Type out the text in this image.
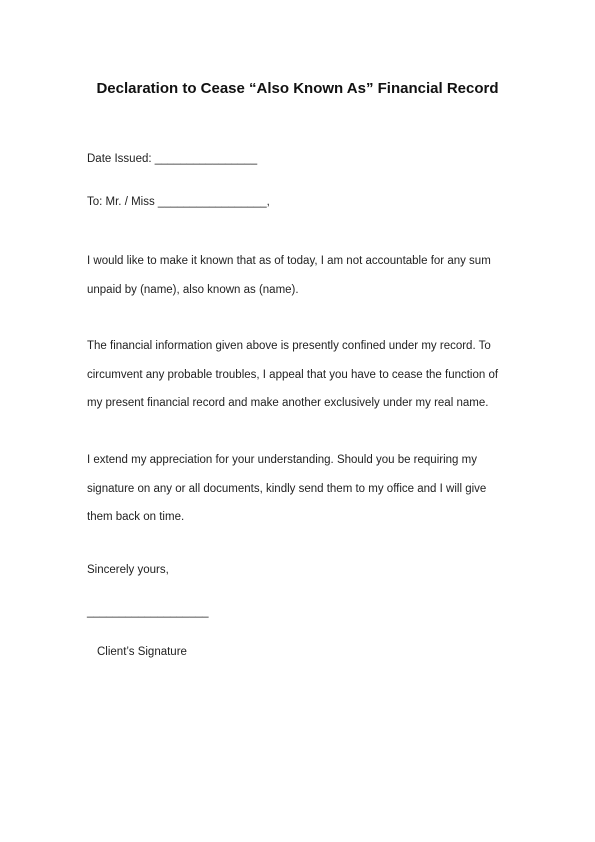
Declaration to Cease “Also Known As” Financial Record
Date Issued: ________________
To: Mr. / Miss _________________,
I would like to make it known that as of today, I am not accountable for any sum
unpaid by (name), also known as (name).
The financial information given above is presently confined under my record. To
circumvent any probable troubles, I appeal that you have to cease the function of
my present financial record and make another exclusively under my real name.
I extend my appreciation for your understanding. Should you be requiring my
signature on any or all documents, kindly send them to my office and I will give
them back on time.
Sincerely yours,
___________________
Client’s Signature
